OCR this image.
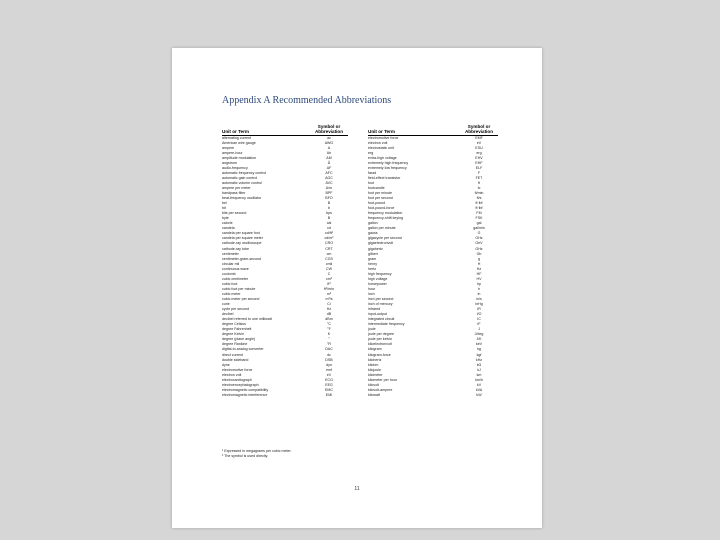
Appendix A Recommended Abbreviations
Unit or Term
Symbol or
Abbreviation
alternating current	ac
American wire gauge	AWG
ampere	A
ampere-hour	Ah
amplitude modulation	AM
angstrom	Å
audio-frequency	AF
automatic frequency control	AFC
automatic gain control	AGC
automatic volume control	AVC
ampere per meter	A/m
bandpass filter	BPF
beat-frequency oscillator	BFO
bel	B
bit	b
bits per second	bps
byte	B
calorie	cal
candela	cd
candela per square foot	cd/ft²
candela per square meter	cd/m²
cathode-ray oscilloscope	CRO
cathode-ray tube	CRT
centimeter	cm
centimeter-gram-second	CGS
circular mil	cmil
continuous wave	CW
coulomb	C
cubic centimeter	cm³
cubic foot	ft³
cubic foot per minute	ft³/min
cubic meter	m³
cubic meter per second	m³/s
curie	Ci
cycle per second	Hz
decibel	dB
decibel referred to one milliwatt	dBm
degree Celsius	°C
degree Fahrenheit	°F
degree Kelvin	K
degree (plane angle)	°
degree Rankine	°R
digital-to-analog converter	DAC
direct current	dc
double sideband	DSB
dyne	dyn
electromotive force	emf
electron volt	eV
electrocardiograph	ECG
electroencephalograph	EEG
electromagnetic compatibility	EMC
electromagnetic interference	EMI
Unit or Term
Symbol or
Abbreviation
electromotive force	EMF
electron volt	eV
electrostatic unit	ESU
erg	erg
extra-high voltage	EHV
extremely high frequency	EHF
extremely low frequency	ELF
farad	F
field-effect transistor	FET
foot	ft
footcandle	fc
foot per minute	ft/min
foot per second	ft/s
foot-pound	ft·lbf
foot-pound-force	ft·lbf
frequency modulation	FM
frequency-shift keying	FSK
gallon	gal
gallon per minute	gal/min
gauss	G
gigacycle per second	GHz
gigaelectronvolt	GeV
gigahertz	GHz
gilbert	Gb
gram	g
henry	H
hertz	Hz
high frequency	HF
high voltage	HV
horsepower	hp
hour	h
inch	in
inch per second	in/s
inch of mercury	inHg
infrared	IR
input-output	I/O
integrated circuit	IC
intermediate frequency	IF
joule	J
joule per degree	J/deg
joule per kelvin	J/K
kiloelectronvolt	keV
kilogram	kg
kilogram-force	kgf
kilohertz	kHz
kilohm	kΩ
kilojoule	kJ
kilometer	km
kilometer per hour	km/h
kilovolt	kV
kilovolt-ampere	kVA
kilowatt	kW
¹ Expressed in megagrams per cubic meter.
² The symbol is used directly.
11
